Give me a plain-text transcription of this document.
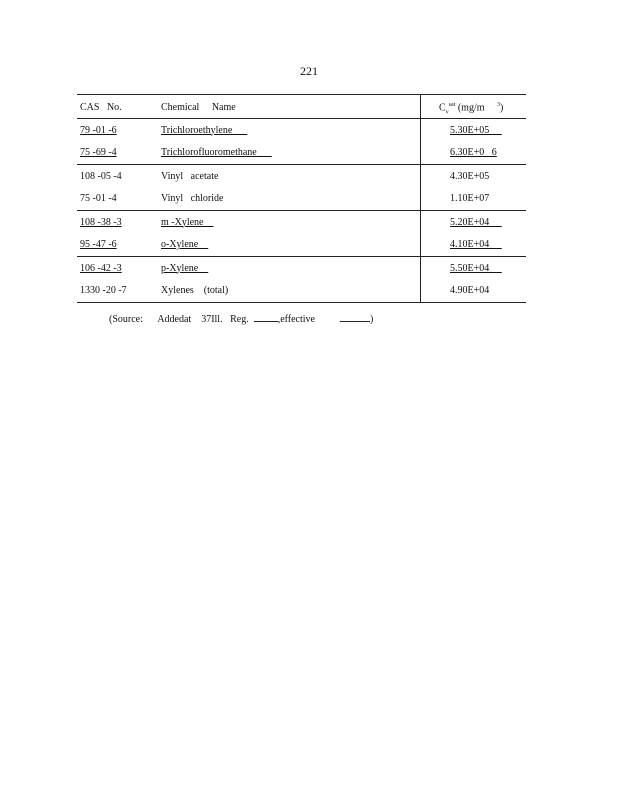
221
CAS   No.	Chemical     Name	$C_v^{sat}$ (mg/m $^3$)
79 -01 -6	Trichloroethylene	5.30E+05
75 -69 -4	Trichlorofluoromethane	6.30E+0   6
108 -05 -4	Vinyl   acetate	4.30E+05
75 -01 -4	Vinyl   chloride	1.10E+07
108 -38 -3	m -Xylene	5.20E+04
95 -47 -6	o-Xylene	4.10E+04
106 -42 -3	p-Xylene	5.50E+04
1330 -20 -7	Xylenes    (total)	4.90E+04
(Source:      Addedat    37Ill.   Reg.  ,effective	)
